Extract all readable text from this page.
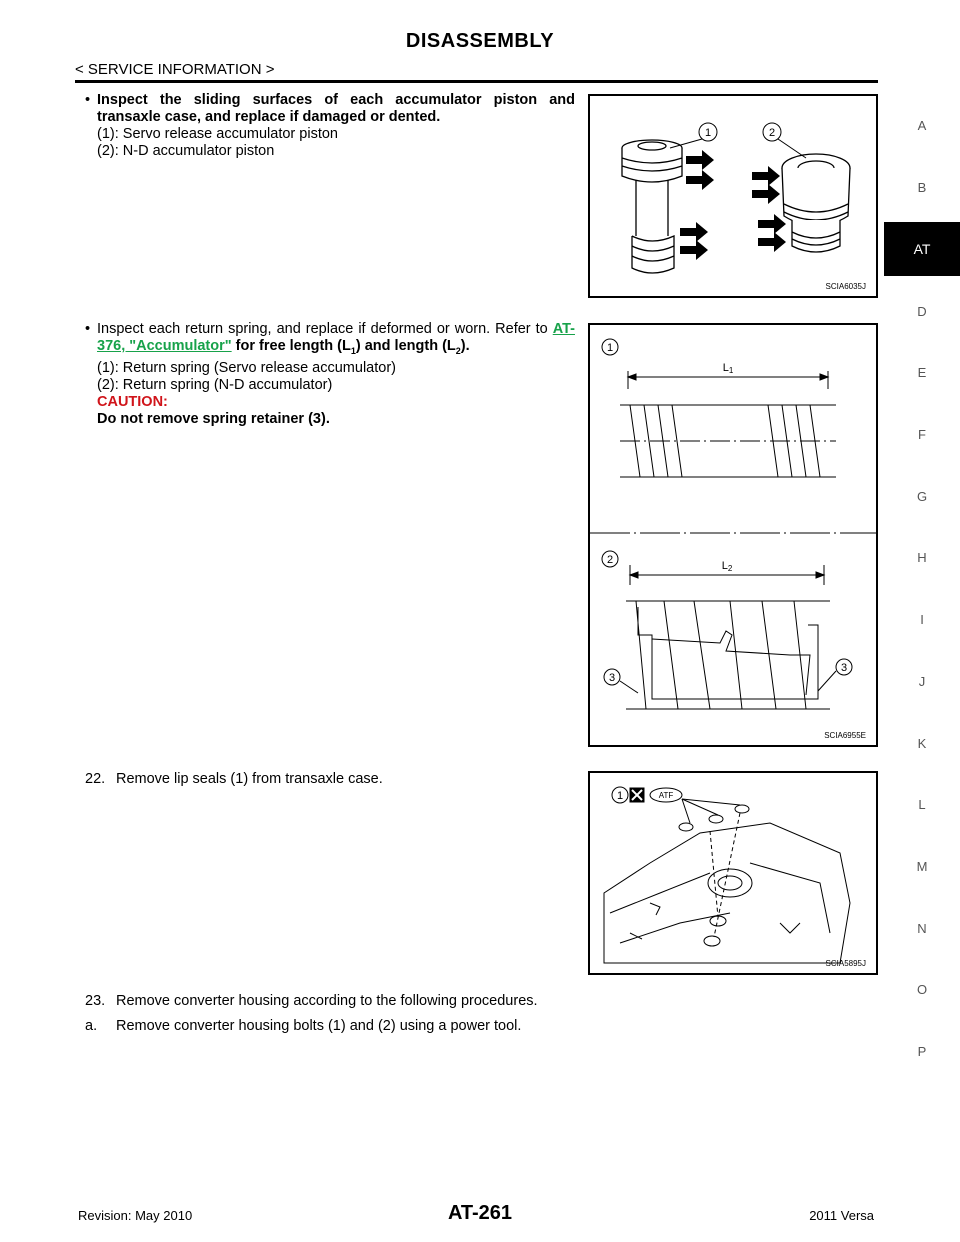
DISASSEMBLY
< SERVICE INFORMATION >
A
B
AT
D
E
F
G
H
I
J
K
L
M
N
O
P
• Inspect the sliding surfaces of each accumulator piston and transaxle case, and replace if damaged or dented.
(1): Servo release accumulator piston
(2): N-D accumulator piston
• Inspect each return spring, and replace if deformed or worn. Refer to AT-376, "Accumulator" for free length $(L_1)$ and length $(L_2)$.
(1): Return spring (Servo release accumulator)
(2): Return spring (N-D accumulator)
CAUTION:
Do not remove spring retainer (3).
22. Remove lip seals (1) from transaxle case.
23. Remove converter housing according to the following procedures.
a.	Remove converter housing bolts (1) and (2) using a power tool.
1	2
SCIA6035J
1
2
3
3
L1
L2
SCIA6955E
1	ATF
SCIA5895J
Revision: May 2010	AT-261	2011 Versa
